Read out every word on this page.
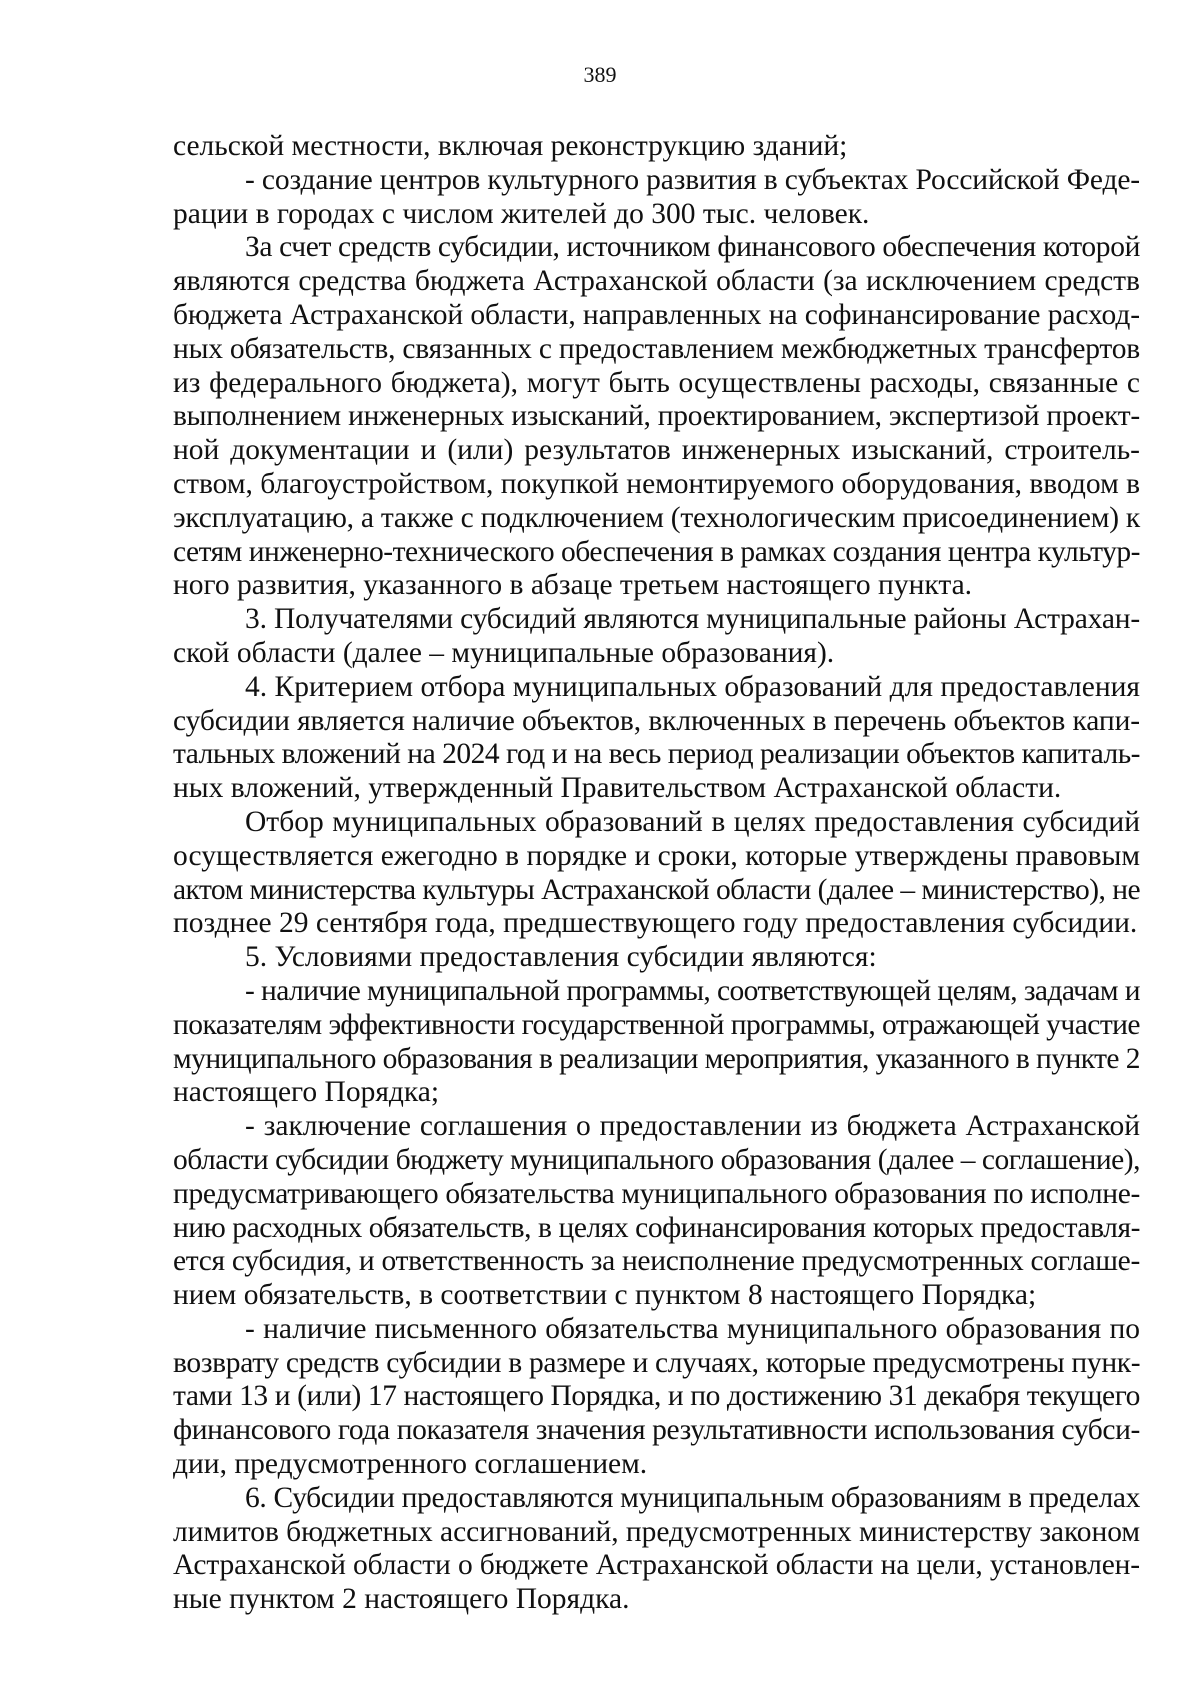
389
сельской местности, включая реконструкцию зданий;
- создание центров культурного развития в субъектах Российской Феде-
рации в городах с числом жителей до 300 тыс. человек.
За счет средств субсидии, источником финансового обеспечения которой
являются средства бюджета Астраханской области (за исключением средств
бюджета Астраханской области, направленных на софинансирование расход-
ных обязательств, связанных с предоставлением межбюджетных трансфертов
из федерального бюджета), могут быть осуществлены расходы, связанные с
выполнением инженерных изысканий, проектированием, экспертизой проект-
ной документации и (или) результатов инженерных изысканий, строитель-
ством, благоустройством, покупкой немонтируемого оборудования, вводом в
эксплуатацию, а также с подключением (технологическим присоединением) к
сетям инженерно-технического обеспечения в рамках создания центра культур-
ного развития, указанного в абзаце третьем настоящего пункта.
3. Получателями субсидий являются муниципальные районы Астрахан-
ской области (далее – муниципальные образования).
4. Критерием отбора муниципальных образований для предоставления
субсидии является наличие объектов, включенных в перечень объектов капи-
тальных вложений на 2024 год и на весь период реализации объектов капиталь-
ных вложений, утвержденный Правительством Астраханской области.
Отбор муниципальных образований в целях предоставления субсидий
осуществляется ежегодно в порядке и сроки, которые утверждены правовым
актом министерства культуры Астраханской области (далее – министерство), не
позднее 29 сентября года, предшествующего году предоставления субсидии.
5. Условиями предоставления субсидии являются:
- наличие муниципальной программы, соответствующей целям, задачам и
показателям эффективности государственной программы, отражающей участие
муниципального образования в реализации мероприятия, указанного в пункте 2
настоящего Порядка;
- заключение соглашения о предоставлении из бюджета Астраханской
области субсидии бюджету муниципального образования (далее – соглашение),
предусматривающего обязательства муниципального образования по исполне-
нию расходных обязательств, в целях софинансирования которых предоставля-
ется субсидия, и ответственность за неисполнение предусмотренных соглаше-
нием обязательств, в соответствии с пунктом 8 настоящего Порядка;
- наличие письменного обязательства муниципального образования по
возврату средств субсидии в размере и случаях, которые предусмотрены пунк-
тами 13 и (или) 17 настоящего Порядка, и по достижению 31 декабря текущего
финансового года показателя значения результативности использования субси-
дии, предусмотренного соглашением.
6. Субсидии предоставляются муниципальным образованиям в пределах
лимитов бюджетных ассигнований, предусмотренных министерству законом
Астраханской области о бюджете Астраханской области на цели, установлен-
ные пунктом 2 настоящего Порядка.
